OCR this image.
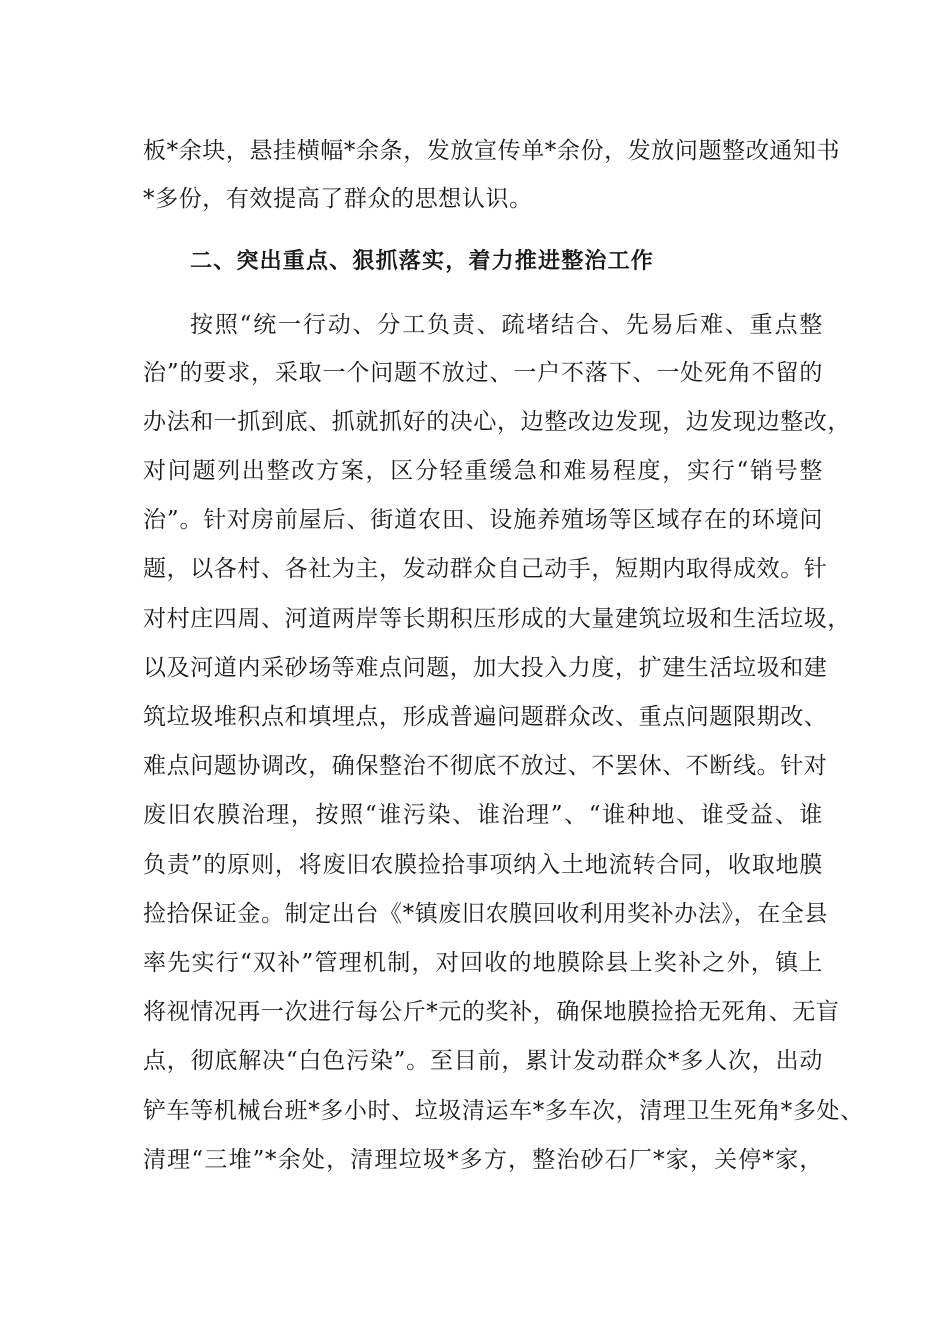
板*余块，悬挂横幅*余条，发放宣传单*余份，发放问题整改通知书
*多份，有效提高了群众的思想认识。
二、突出重点、狠抓落实，着力推进整治工作
按照“统一行动、分工负责、疏堵结合、先易后难、重点整
治”的要求，采取一个问题不放过、一户不落下、一处死角不留的
办法和一抓到底、抓就抓好的决心，边整改边发现，边发现边整改，
对问题列出整改方案，区分轻重缓急和难易程度，实行“销号整
治”。针对房前屋后、街道农田、设施养殖场等区域存在的环境问
题，以各村、各社为主，发动群众自己动手，短期内取得成效。针
对村庄四周、河道两岸等长期积压形成的大量建筑垃圾和生活垃圾，
以及河道内采砂场等难点问题，加大投入力度，扩建生活垃圾和建
筑垃圾堆积点和填埋点，形成普遍问题群众改、重点问题限期改、
难点问题协调改，确保整治不彻底不放过、不罢休、不断线。针对
废旧农膜治理，按照“谁污染、谁治理”、“谁种地、谁受益、谁
负责”的原则，将废旧农膜捡拾事项纳入土地流转合同，收取地膜
捡拾保证金。制定出台《*镇废旧农膜回收利用奖补办法》，在全县
率先实行“双补”管理机制，对回收的地膜除县上奖补之外，镇上
将视情况再一次进行每公斤*元的奖补，确保地膜捡拾无死角、无盲
点，彻底解决“白色污染”。至目前，累计发动群众*多人次，出动
铲车等机械台班*多小时、垃圾清运车*多车次，清理卫生死角*多处、
清理“三堆”*余处，清理垃圾*多方，整治砂石厂*家，关停*家，
